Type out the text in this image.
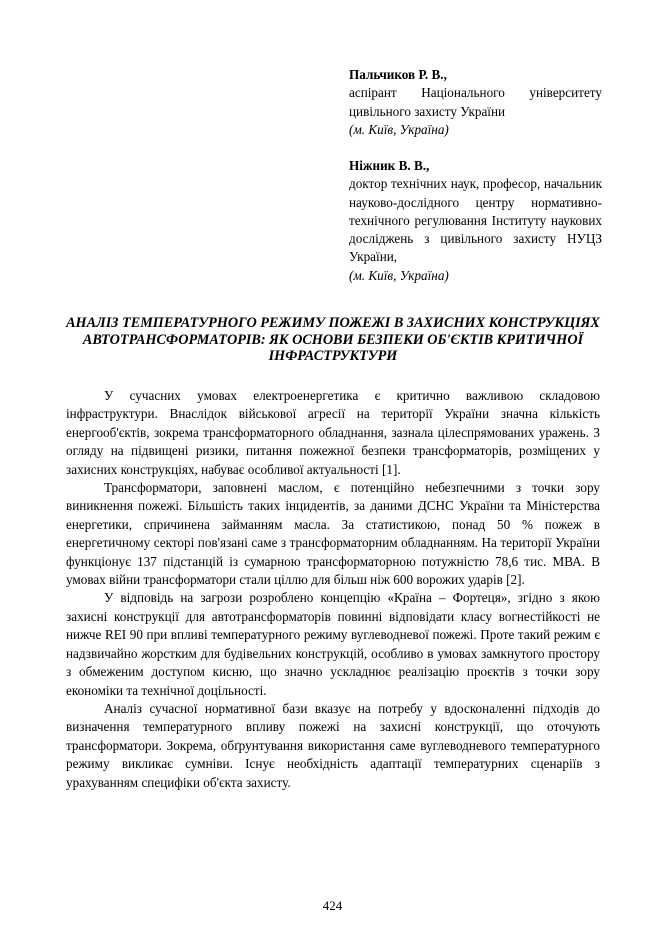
Пальчиков Р. В.,
аспірант Національного університету цивільного захисту України
(м. Київ, Україна)
Ніжник В. В.,
доктор технічних наук, професор, начальник науково-дослідного центру нормативно-технічного регулювання Інституту наукових досліджень з цивільного захисту НУЦЗ України,
(м. Київ, Україна)
АНАЛІЗ ТЕМПЕРАТУРНОГО РЕЖИМУ ПОЖЕЖІ В ЗАХИСНИХ КОНСТРУКЦІЯХ АВТОТРАНСФОРМАТОРІВ: ЯК ОСНОВИ БЕЗПЕКИ ОБ'ЄКТІВ КРИТИЧНОЇ ІНФРАСТРУКТУРИ

У сучасних умовах електроенергетика є критично важливою складовою інфраструктури. Внаслідок військової агресії на території України значна кількість енергооб'єктів, зокрема трансформаторного обладнання, зазнала цілеспрямованих уражень. З огляду на підвищені ризики, питання пожежної безпеки трансформаторів, розміщених у захисних конструкціях, набуває особливої актуальності [1].

Трансформатори, заповнені маслом, є потенційно небезпечними з точки зору виникнення пожежі. Більшість таких інцидентів, за даними ДСНС України та Міністерства енергетики, спричинена займанням масла. За статистикою, понад 50 % пожеж в енергетичному секторі пов'язані саме з трансформаторним обладнанням. На території України функціонує 137 підстанцій із сумарною трансформаторною потужністю 78,6 тис. МВА. В умовах війни трансформатори стали ціллю для більш ніж 600 ворожих ударів [2].

У відповідь на загрози розроблено концепцію «Країна – Фортеця», згідно з якою захисні конструкції для автотрансформаторів повинні відповідати класу вогнестійкості не нижче REI 90 при впливі температурного режиму вуглеводневої пожежі. Проте такий режим є надзвичайно жорстким для будівельних конструкцій, особливо в умовах замкнутого простору з обмеженим доступом кисню, що значно ускладнює реалізацію проєктів з точки зору економіки та технічної доцільності.

Аналіз сучасної нормативної бази вказує на потребу у вдосконаленні підходів до визначення температурного впливу пожежі на захисні конструкції, що оточують трансформатори. Зокрема, обґрунтування використання саме вуглеводневого температурного режиму викликає сумніви. Існує необхідність адаптації температурних сценаріїв з урахуванням специфіки об'єкта захисту.

424
